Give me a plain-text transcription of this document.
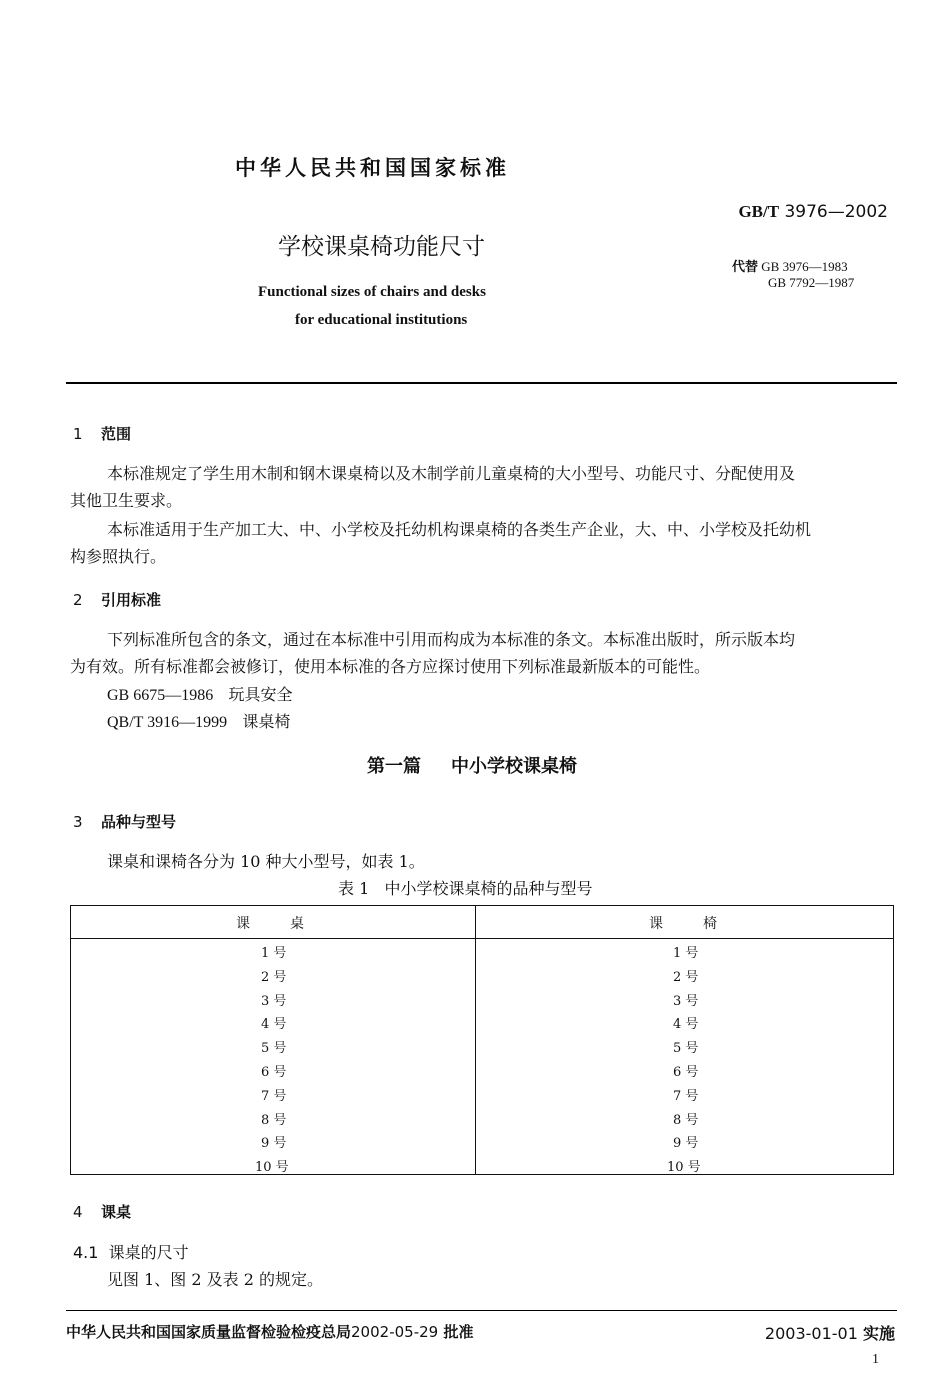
中华人民共和国国家标准
GB/T 3976—2002
学校课桌椅功能尺寸
代替 GB 3976—1983
GB 7792—1987
Functional sizes of chairs and desks
for educational institutions
1 范围
本标准规定了学生用木制和钢木课桌椅以及木制学前儿童桌椅的大小型号、功能尺寸、分配使用及
其他卫生要求。
本标准适用于生产加工大、中、小学校及托幼机构课桌椅的各类生产企业，大、中、小学校及托幼机
构参照执行。
2 引用标准
下列标准所包含的条文，通过在本标准中引用而构成为本标准的条文。本标准出版时，所示版本均
为有效。所有标准都会被修订，使用本标准的各方应探讨使用下列标准最新版本的可能性。
GB 6675—1986 玩具安全
QB/T 3916—1999 课桌椅
第一篇 中小学校课桌椅
3 品种与型号
课桌和课椅各分为 10 种大小型号，如表 1。
表 1 中小学校课桌椅的品种与型号
课桌	课椅
1 号	1 号
2 号	2 号
3 号	3 号
4 号	4 号
5 号	5 号
6 号	6 号
7 号	7 号
8 号	8 号
9 号	9 号
10 号	10 号
4 课桌
4.1 课桌的尺寸
见图 1、图 2 及表 2 的规定。
中华人民共和国国家质量监督检验检疫总局2002-05-29 批准	2003-01-01 实施
1
